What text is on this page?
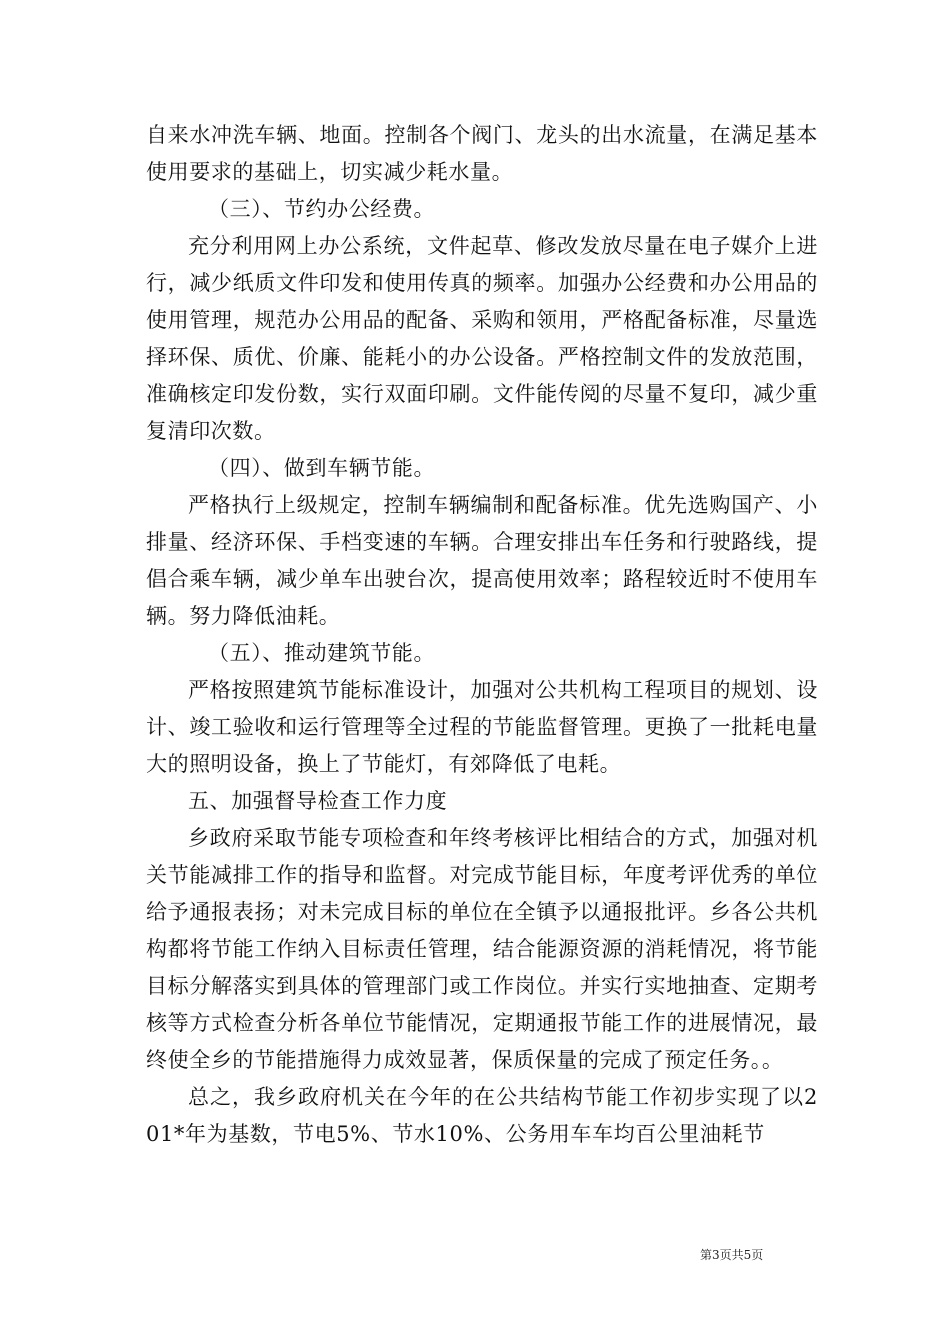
自来水冲洗车辆、地面。控制各个阀门、龙头的出水流量，在满足基本使用要求的基础上，切实减少耗水量。

（三）、节约办公经费。

充分利用网上办公系统，文件起草、修改发放尽量在电子媒介上进行，减少纸质文件印发和使用传真的频率。加强办公经费和办公用品的使用管理，规范办公用品的配备、采购和领用，严格配备标准，尽量选择环保、质优、价廉、能耗小的办公设备。严格控制文件的发放范围，准确核定印发份数，实行双面印刷。文件能传阅的尽量不复印，减少重复清印次数。

（四）、做到车辆节能。

严格执行上级规定，控制车辆编制和配备标准。优先选购国产、小排量、经济环保、手档变速的车辆。合理安排出车任务和行驶路线，提倡合乘车辆，减少单车出驶台次，提高使用效率；路程较近时不使用车辆。努力降低油耗。

（五）、推动建筑节能。

严格按照建筑节能标准设计，加强对公共机构工程项目的规划、设计、竣工验收和运行管理等全过程的节能监督管理。更换了一批耗电量大的照明设备，换上了节能灯，有郊降低了电耗。

五、加强督导检查工作力度

乡政府采取节能专项检查和年终考核评比相结合的方式，加强对机关节能减排工作的指导和监督。对完成节能目标，年度考评优秀的单位给予通报表扬；对未完成目标的单位在全镇予以通报批评。乡各公共机构都将节能工作纳入目标责任管理，结合能源资源的消耗情况，将节能目标分解落实到具体的管理部门或工作岗位。并实行实地抽查、定期考核等方式检查分析各单位节能情况，定期通报节能工作的进展情况，最终使全乡的节能措施得力成效显著，保质保量的完成了预定任务。。

总之，我乡政府机关在今年的在公共结构节能工作初步实现了以201*年为基数，节电5%、节水10%、公务用车车均百公里油耗节

第3页共5页
